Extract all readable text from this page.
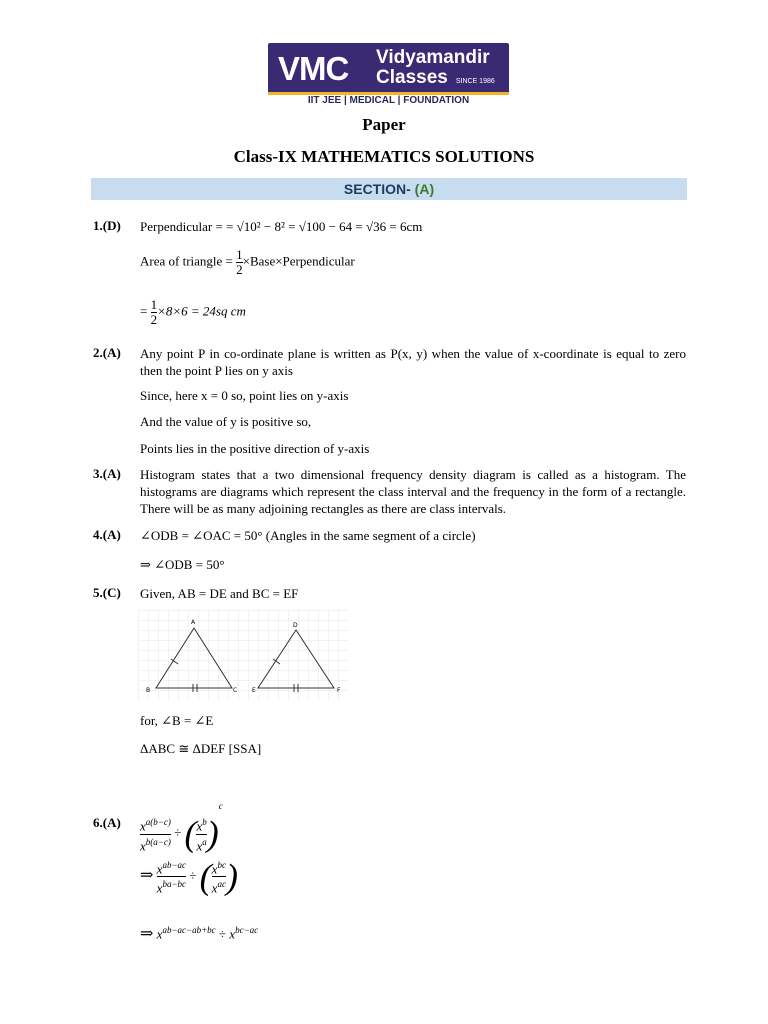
VMC Vidyamandir
Classes SINCE 1986
IIT JEE | MEDICAL | FOUNDATION
Paper
Class-IX MATHEMATICS SOLUTIONS
SECTION- (A)
1.(D) Perpendicular = = √10² − 8² = √100 − 64 = √36 = 6cm
Area of triangle = $\frac{1}{2}$ ×Base×Perpendicular
= $\frac{1}{2} \times 8\times 6 = 24sq$ cm
2.(A) Any point P in co-ordinate plane is written as P(x, y) when the value of x-coordinate is equal to zero then the point P lies on y axis
Since, here x = 0 so, point lies on y-axis
And the value of y is positive so,
Points lies in the positive direction of y-axis
3.(A) Histogram states that a two dimensional frequency density diagram is called as a histogram. The histograms are diagrams which represent the class interval and the frequency in the form of a rectangle. There will be as many adjoining rectangles as there are class intervals.
4.(A) ∠ODB = ∠OAC = 50° (Angles in the same segment of a circle)
⇒ ∠ODB = 50°
5.(C) Given, AB = DE and BC = EF
A
B	C
D
E	F
for, ∠B = ∠E
ΔABC ≅ ΔDEF [SSA]
$6.(A) \frac{x^{a(b-c)}}{x^{b(a-c)}}$ ÷ ( $\frac{x^b}{x^a} )^c$
⇒ $\frac{x^{ab-ac}}{x^{ba-bc}}$ ÷ ( $\frac{x^{bc}}{x^{ac}}$ )
⇒ $x^{ab-ac-ab+bc} \div x^{bc-ac}$
